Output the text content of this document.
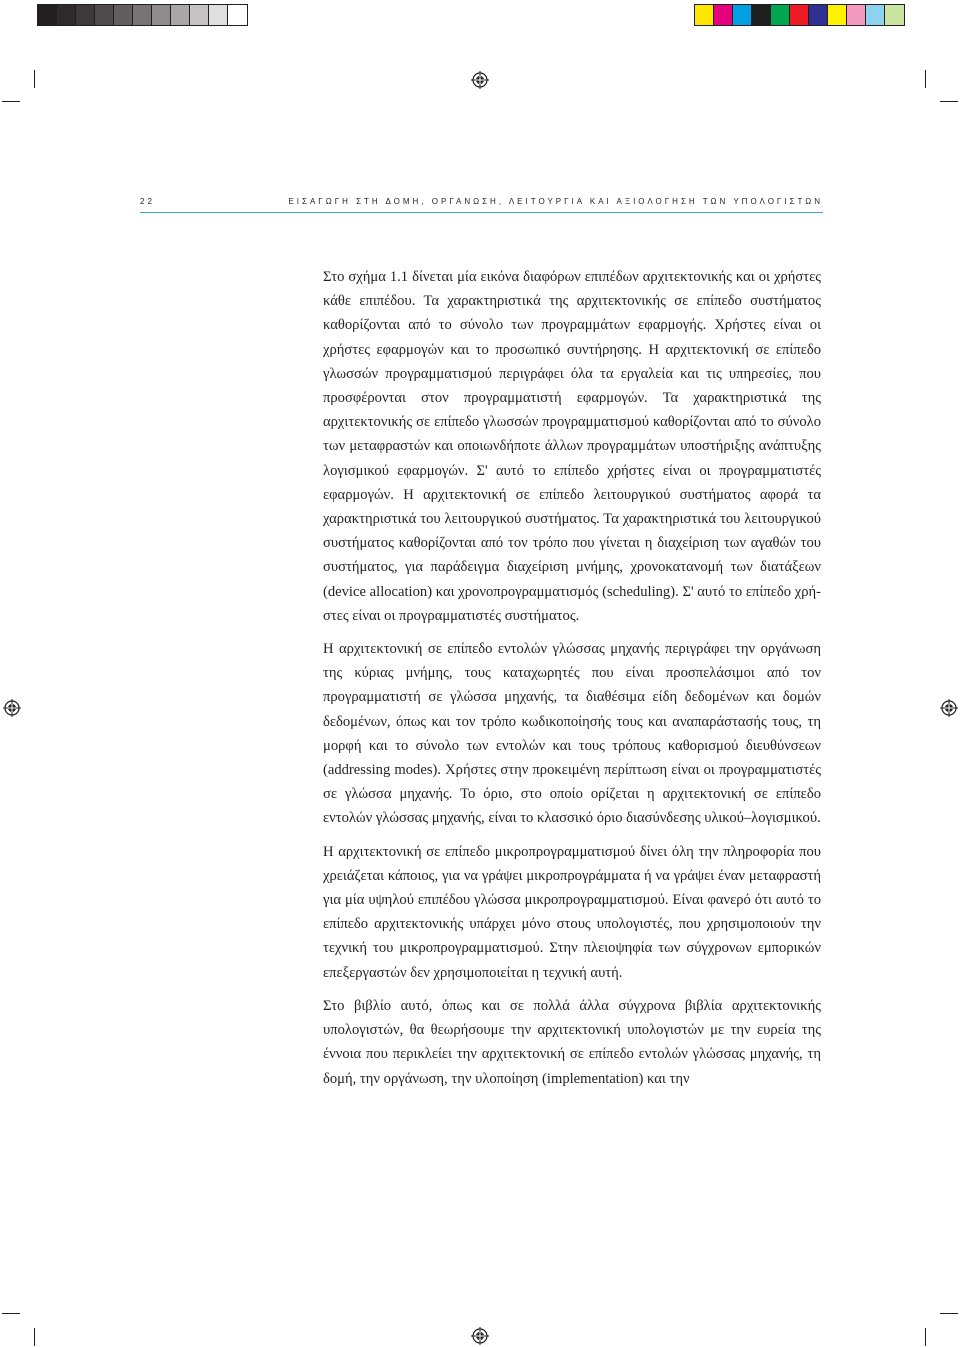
22	ΕΙΣΑΓΩΓΗ ΣΤΗ ΔΟΜΗ, ΟΡΓΑΝΩΣΗ, ΛΕΙΤΟΥΡΓΙΑ ΚΑΙ ΑΞΙΟΛΟΓΗΣΗ ΤΩΝ ΥΠΟΛΟΓΙΣΤΩΝ

Στο σχήμα 1.1 δίνεται μία εικόνα διαφόρων επιπέδων αρχιτεκτονικής και οι χρήστες κάθε επιπέδου. Τα χαρακτηριστικά της αρχιτεκτονικής σε επίπεδο συστήματος καθορίζονται από το σύνολο των προγραμμάτων εφαρμογής. Χρήστες είναι οι χρήστες εφαρμογών και το προσωπικό συντήρησης. Η αρχιτεκτονική σε επίπεδο γλωσσών προγραμματισμού περιγράφει όλα τα εργαλεία και τις υπηρεσίες, που προσφέρονται στον προγραμματιστή εφαρμογών. Τα χαρακτηριστικά της αρχιτεκτονικής σε επίπεδο γλωσσών προγραμματισμού καθορίζονται από το σύνολο των μεταφραστών και οποιωνδήποτε άλλων προγραμμάτων υποστήριξης ανάπτυξης λογισμικού εφαρμογών. Σ' αυτό το επίπεδο χρήστες είναι οι προγραμματιστές εφαρμογών. Η αρχιτεκτονική σε επίπεδο λειτουργικού συστήματος αφορά τα χαρακτηριστικά του λειτουργικού συστήματος. Τα χαρακτηριστικά του λειτουργικού συστήματος καθορίζονται από τον τρόπο που γίνεται η διαχείριση των αγαθών του συστήματος, για παράδειγμα διαχείριση μνήμης, χρονοκατανομή των διατάξεων (device allocation) και χρονοπρογραμματισμός (scheduling). Σ' αυτό το επίπεδο χρήστες είναι οι προγραμματιστές συστήματος.

Η αρχιτεκτονική σε επίπεδο εντολών γλώσσας μηχανής περιγράφει την οργάνωση της κύριας μνήμης, τους καταχωρητές που είναι προσπελάσιμοι από τον προγραμματιστή σε γλώσσα μηχανής, τα διαθέσιμα είδη δεδομένων και δομών δεδομένων, όπως και τον τρόπο κωδικοποίησής τους και αναπαράστασής τους, τη μορφή και το σύνολο των εντολών και τους τρόπους καθορισμού διευθύνσεων (addressing modes). Χρήστες στην προκειμένη περίπτωση είναι οι προγραμματιστές σε γλώσσα μηχανής. Το όριο, στο οποίο ορίζεται η αρχιτεκτονική σε επίπεδο εντολών γλώσσας μηχανής, είναι το κλασσικό όριο διασύνδεσης υλικού–λογισμικού.

Η αρχιτεκτονική σε επίπεδο μικροπρογραμματισμού δίνει όλη την πληροφορία που χρειάζεται κάποιος, για να γράψει μικροπρογράμματα ή να γράψει έναν μεταφραστή για μία υψηλού επιπέδου γλώσσα μικροπρογραμματισμού. Είναι φανερό ότι αυτό το επίπεδο αρχιτεκτονικής υπάρχει μόνο στους υπολογιστές, που χρησιμοποιούν την τεχνική του μικροπρογραμματισμού. Στην πλειοψηφία των σύγχρονων εμπορικών επεξεργαστών δεν χρησιμοποιείται η τεχνική αυτή.

Στο βιβλίο αυτό, όπως και σε πολλά άλλα σύγχρονα βιβλία αρχιτεκτονικής υπολογιστών, θα θεωρήσουμε την αρχιτεκτονική υπολογιστών με την ευρεία της έννοια που περικλείει την αρχιτεκτονική σε επίπεδο εντολών γλώσσας μηχανής, τη δομή, την οργάνωση, την υλοποίηση (implementation) και την
